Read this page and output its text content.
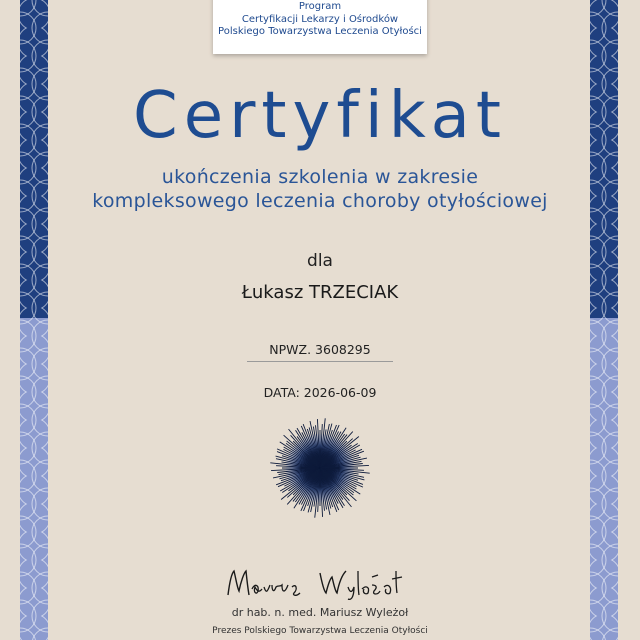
Program
Certyfikacji Lekarzy i Ośrodków
Polskiego Towarzystwa Leczenia Otyłości
Certyfikat
ukończenia szkolenia w zakresie
kompleksowego leczenia choroby otyłościowej
dla
Łukasz TRZECIAK
NPWZ. 3608295
DATA: 2026-06-09
dr hab. n. med. Mariusz Wyleżoł
Prezes Polskiego Towarzystwa Leczenia Otyłości
